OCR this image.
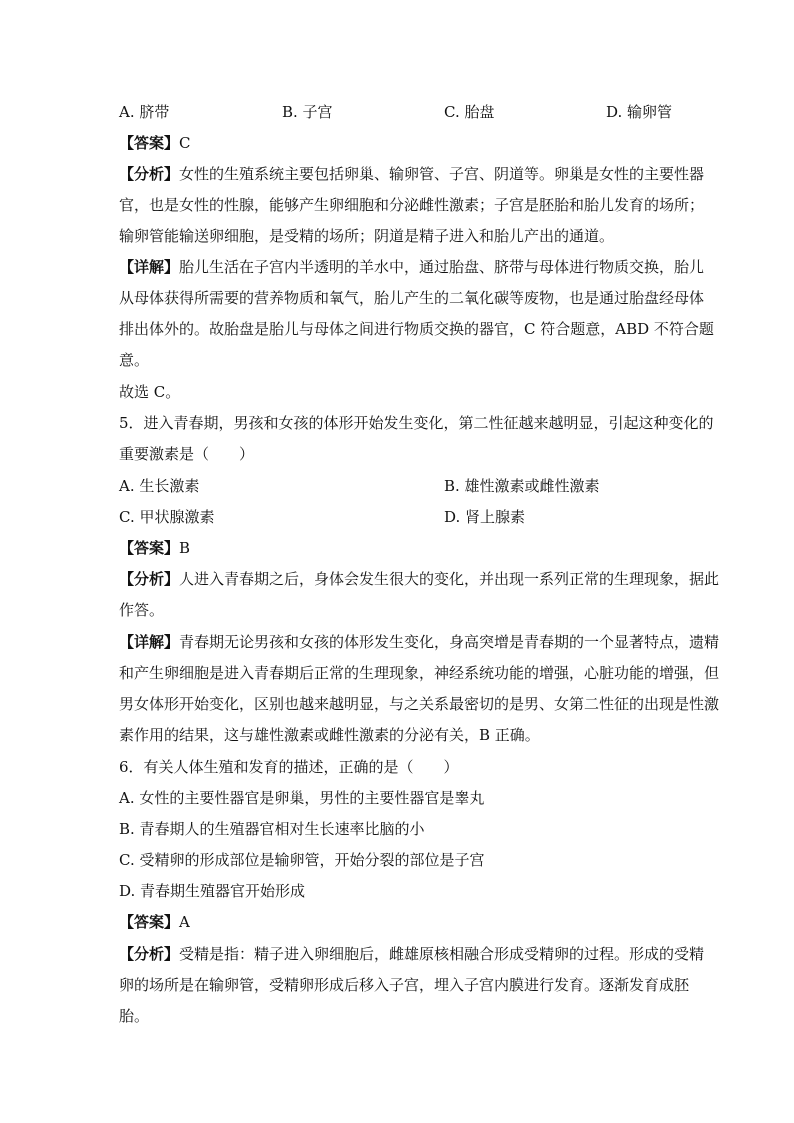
A. 脐带	B. 子宫	C. 胎盘	D. 输卵管
【答案】C
【分析】女性的生殖系统主要包括卵巢、输卵管、子宫、阴道等。卵巢是女性的主要性器
官，也是女性的性腺，能够产生卵细胞和分泌雌性激素；子宫是胚胎和胎儿发育的场所；
输卵管能输送卵细胞，是受精的场所；阴道是精子进入和胎儿产出的通道。
【详解】胎儿生活在子宫内半透明的羊水中，通过胎盘、脐带与母体进行物质交换，胎儿
从母体获得所需要的营养物质和氧气，胎儿产生的二氧化碳等废物，也是通过胎盘经母体
排出体外的。故胎盘是胎儿与母体之间进行物质交换的器官，C 符合题意，ABD 不符合题
意。
故选 C。
5．进入青春期，男孩和女孩的体形开始发生变化，第二性征越来越明显，引起这种变化的
重要激素是（　　）
A. 生长激素	B. 雄性激素或雌性激素
C. 甲状腺激素	D. 肾上腺素
【答案】B
【分析】人进入青春期之后，身体会发生很大的变化，并出现一系列正常的生理现象，据此
作答。
【详解】青春期无论男孩和女孩的体形发生变化，身高突增是青春期的一个显著特点，遗精
和产生卵细胞是进入青春期后正常的生理现象，神经系统功能的增强，心脏功能的增强，但
男女体形开始变化，区别也越来越明显，与之关系最密切的是男、女第二性征的出现是性激
素作用的结果，这与雄性激素或雌性激素的分泌有关，B 正确。
6．有关人体生殖和发育的描述，正确的是（　　）
A. 女性的主要性器官是卵巢，男性的主要性器官是睾丸
B. 青春期人的生殖器官相对生长速率比脑的小
C. 受精卵的形成部位是输卵管，开始分裂的部位是子宫
D. 青春期生殖器官开始形成
【答案】A
【分析】受精是指：精子进入卵细胞后，雌雄原核相融合形成受精卵的过程。形成的受精
卵的场所是在输卵管，受精卵形成后移入子宫，埋入子宫内膜进行发育。逐渐发育成胚
胎。
